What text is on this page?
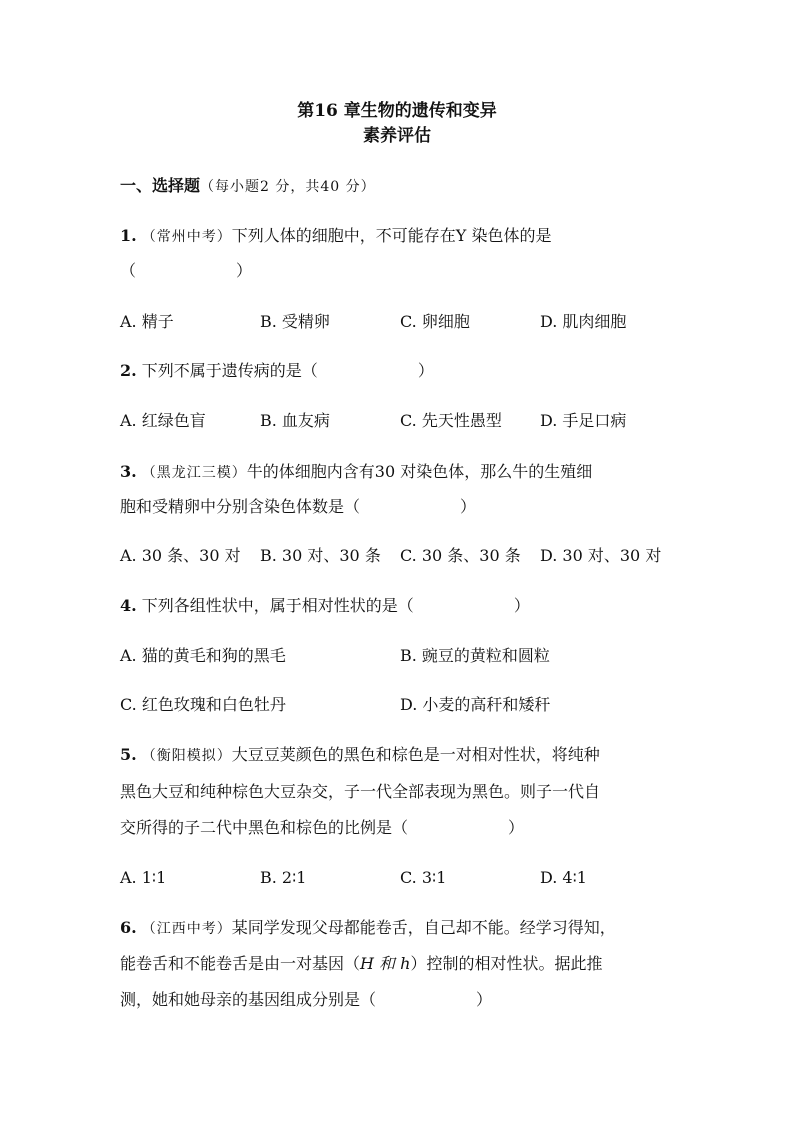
第16 章生物的遗传和变异
素养评估
一、选择题（每小题2 分，共40 分）
1. （常州中考）下列人体的细胞中，不可能存在Y 染色体的是
（	）
A. 精子	B. 受精卵	C. 卵细胞	D. 肌肉细胞
2. 下列不属于遗传病的是（	）
A. 红绿色盲	B. 血友病	C. 先天性愚型 D. 手足口病
3. （黑龙江三模）牛的体细胞内含有30 对染色体，那么牛的生殖细
胞和受精卵中分别含染色体数是（	）
A. 30 条、30 对 B. 30 对、30 条 C. 30 条、30 条 D. 30 对、30 对
4. 下列各组性状中，属于相对性状的是（	）
A. 猫的黄毛和狗的黑毛	B. 豌豆的黄粒和圆粒
C. 红色玫瑰和白色牡丹	D. 小麦的高秆和矮秆
5. （衡阳模拟）大豆豆荚颜色的黑色和棕色是一对相对性状，将纯种
黑色大豆和纯种棕色大豆杂交，子一代全部表现为黑色。则子一代自
交所得的子二代中黑色和棕色的比例是（	）
A. 1∶1	B. 2∶1	C. 3∶1	D. 4∶1
6. （江西中考）某同学发现父母都能卷舌，自己却不能。经学习得知，
能卷舌和不能卷舌是由一对基因（H 和 h）控制的相对性状。据此推
测，她和她母亲的基因组成分别是（	）
